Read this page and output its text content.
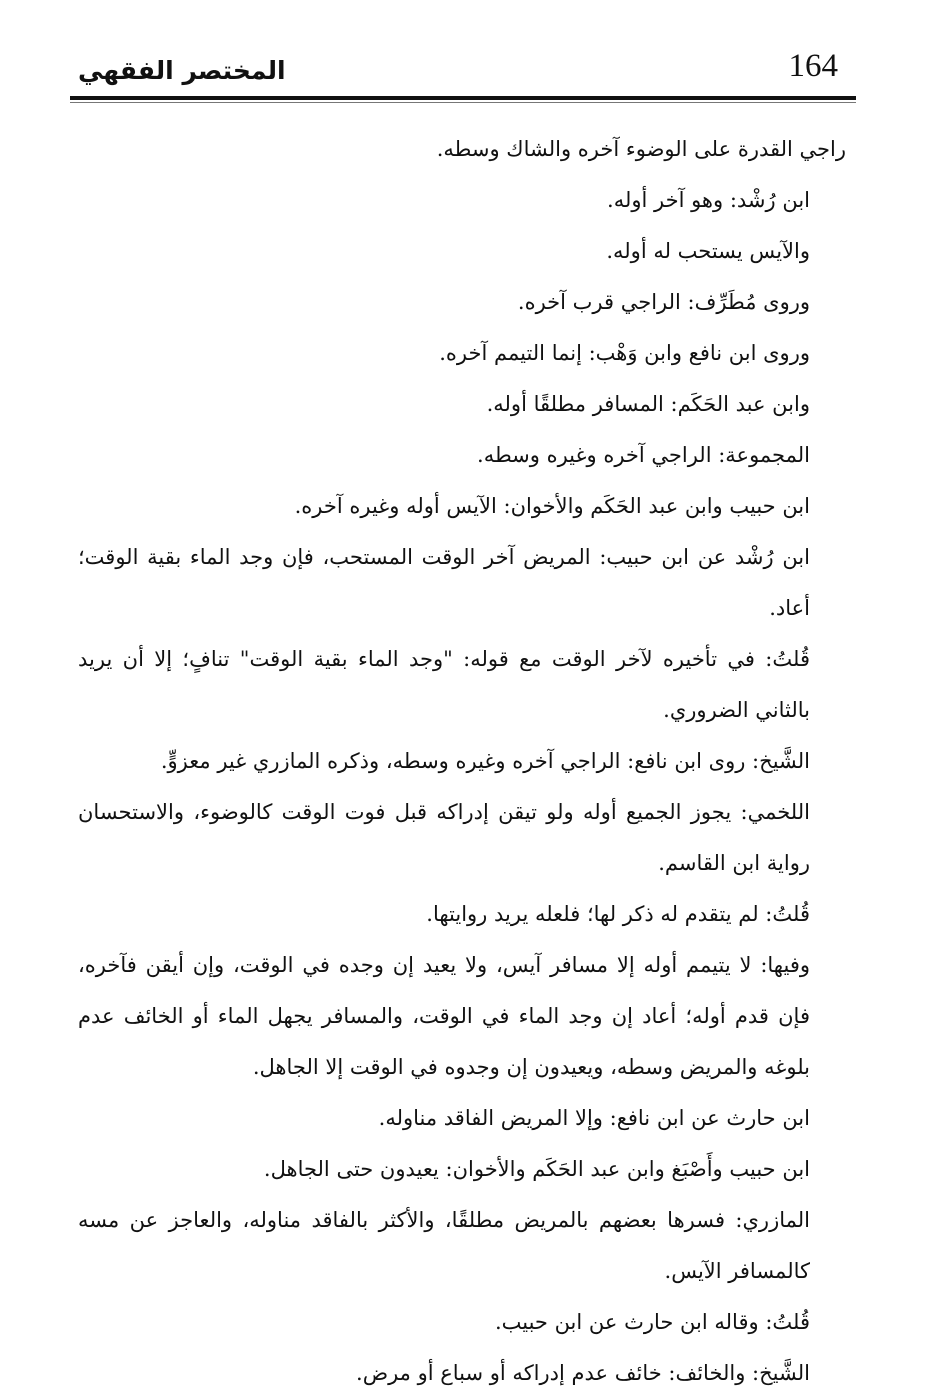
المختصر الفقهي	164

راجي القدرة على الوضوء آخره والشاك وسطه.

ابن رُشْد: وهو آخر أوله.

والآيس يستحب له أوله.

وروى مُطَرِّف: الراجي قرب آخره.

وروى ابن نافع وابن وَهْب: إنما التيمم آخره.

وابن عبد الحَكَم: المسافر مطلقًا أوله.

المجموعة: الراجي آخره وغيره وسطه.

ابن حبيب وابن عبد الحَكَم والأخوان: الآيس أوله وغيره آخره.

ابن رُشْد عن ابن حبيب: المريض آخر الوقت المستحب، فإن وجد الماء بقية الوقت؛ أعاد.

قُلتُ: في تأخيره لآخر الوقت مع قوله: "وجد الماء بقية الوقت" تنافٍ؛ إلا أن يريد بالثاني الضروري.

الشَّيخ: روى ابن نافع: الراجي آخره وغيره وسطه، وذكره المازري غير معزوٍّ.

اللخمي: يجوز الجميع أوله ولو تيقن إدراكه قبل فوت الوقت كالوضوء، والاستحسان رواية ابن القاسم.

قُلتُ: لم يتقدم له ذكر لها؛ فلعله يريد روايتها.

وفيها: لا يتيمم أوله إلا مسافر آيس، ولا يعيد إن وجده في الوقت، وإن أيقن فآخره، فإن قدم أوله؛ أعاد إن وجد الماء في الوقت، والمسافر يجهل الماء أو الخائف عدم بلوغه والمريض وسطه، ويعيدون إن وجدوه في الوقت إلا الجاهل.

ابن حارث عن ابن نافع: وإلا المريض الفاقد مناوله.

ابن حبيب وأَصْبَغ وابن عبد الحَكَم والأخوان: يعيدون حتى الجاهل.

المازري: فسرها بعضهم بالمريض مطلقًا، والأكثر بالفاقد مناوله، والعاجز عن مسه كالمسافر الآيس.

قُلتُ: وقاله ابن حارث عن ابن حبيب.

الشَّيخ: والخائف: خائف عدم إدراكه أو سباع أو مرض.
